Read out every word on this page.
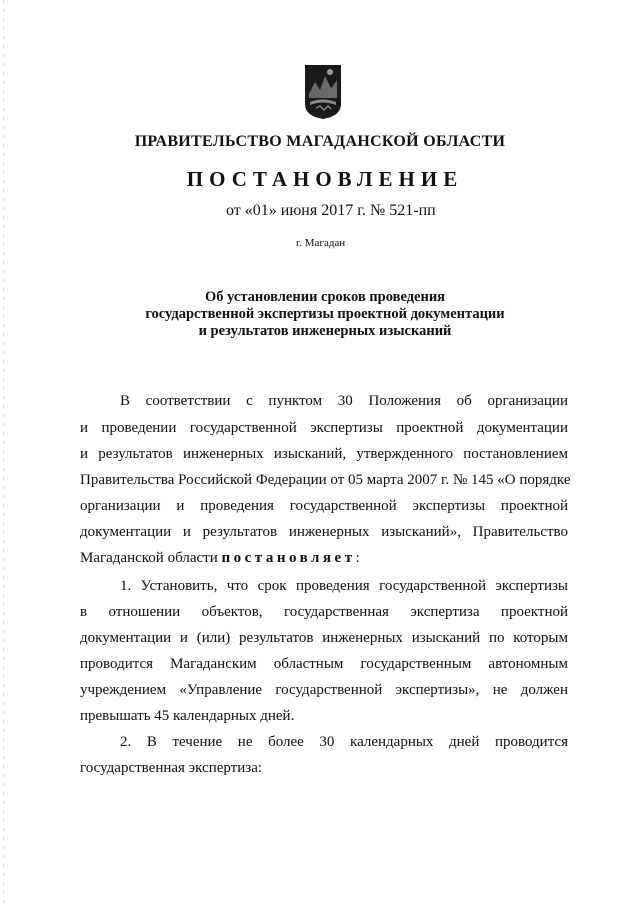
ПРАВИТЕЛЬСТВО МАГАДАНСКОЙ ОБЛАСТИ
ПОСТАНОВЛЕНИЕ
от «01» июня 2017 г. № 521-пп
г. Магадан
Об установлении сроков проведения
государственной экспертизы проектной документации
и результатов инженерных изысканий
В соответствии с пунктом 30 Положения об организации
и проведении государственной экспертизы проектной документации
и результатов инженерных изысканий, утвержденного постановлением
Правительства Российской Федерации от 05 марта 2007 г. № 145 «О порядке
организации и проведения государственной экспертизы проектной
документации и результатов инженерных изысканий», Правительство
Магаданской области постановляет:
1. Установить, что срок проведения государственной экспертизы
в отношении объектов, государственная экспертиза проектной
документации и (или) результатов инженерных изысканий по которым
проводится Магаданским областным государственным автономным
учреждением «Управление государственной экспертизы», не должен
превышать 45 календарных дней.
2. В течение не более 30 календарных дней проводится
государственная экспертиза:
